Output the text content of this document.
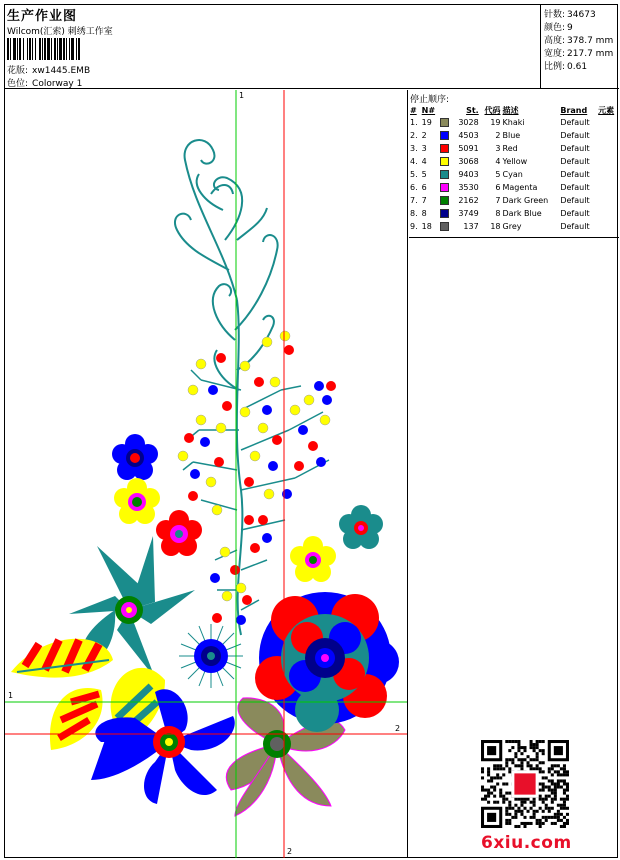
生产作业图
Wilcom(汇索) 刺绣工作室
花版: xw1445.EMB
色位: Colorway 1
针数: 34673
颜色: 9
高度: 378.7 mm
宽度: 217.7 mm
比例: 0.61
1
1
2
2
停止顺序:
#	N#	St.		代码	描述	Brand	元素
1.	19		3028	19	Khaki	Default	
2.	2		4503	2	Blue	Default	
3.	3		5091	3	Red	Default	
4.	4		3068	4	Yellow	Default	
5.	5		9403	5	Cyan	Default	
6.	6		3530	6	Magenta	Default	
7.	7		2162	7	Dark Green	Default	
8.	8		3749	8	Dark Blue	Default	
9.	18		137	18	Grey	Default	
6xiu.com
